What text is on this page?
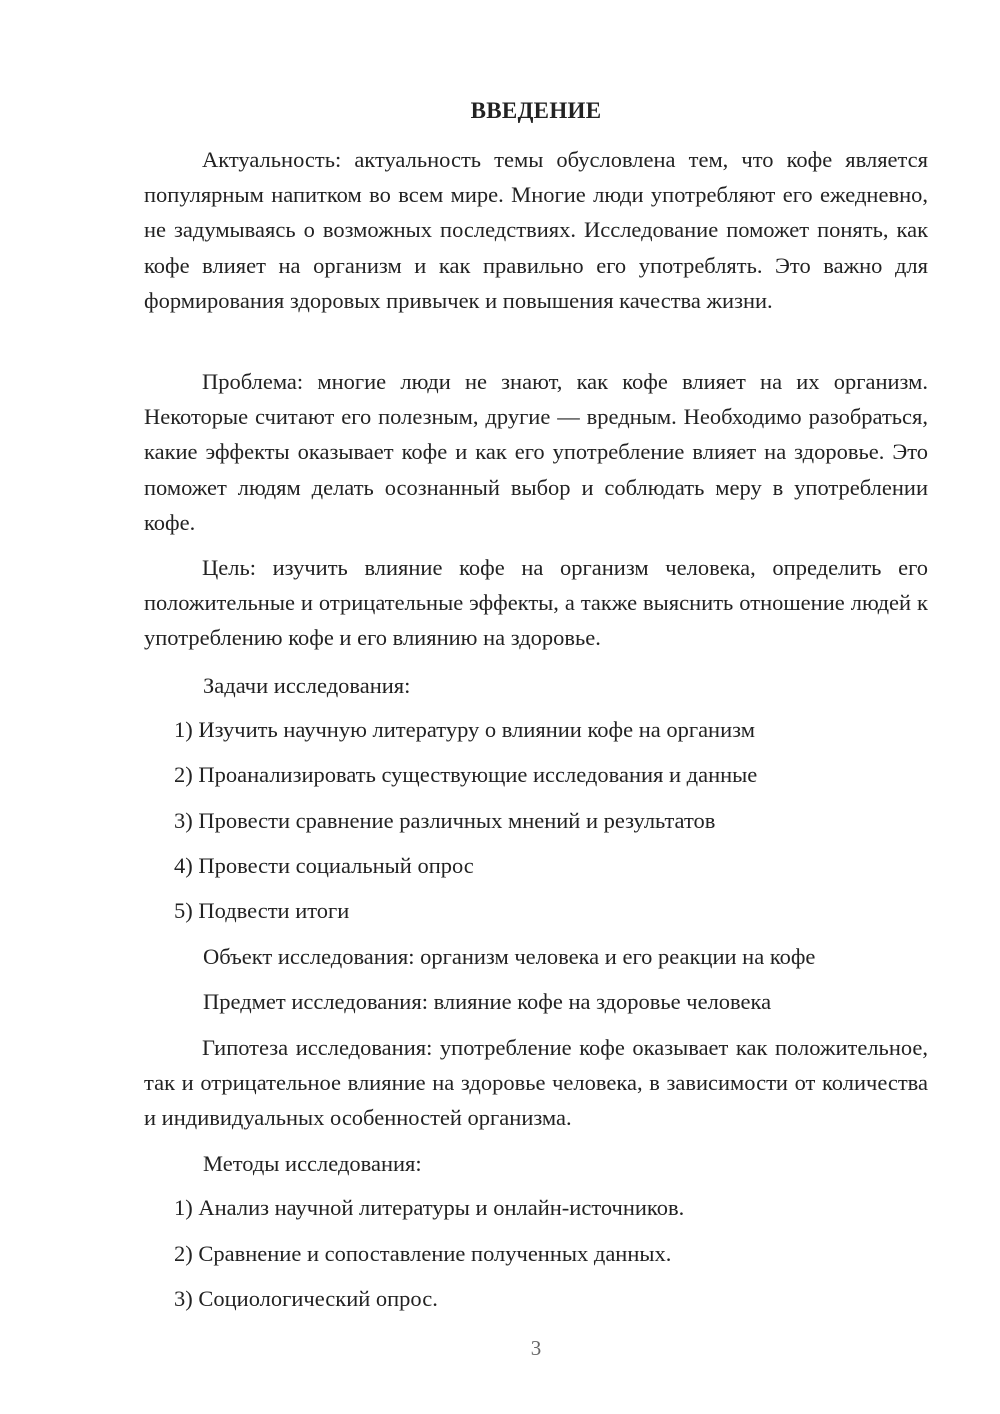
ВВЕДЕНИЕ

Актуальность: актуальность темы обусловлена тем, что кофе является популярным напитком во всем мире. Многие люди употребляют его ежедневно, не задумываясь о возможных последствиях. Исследование поможет понять, как кофе влияет на организм и как правильно его употреблять. Это важно для формирования здоровых привычек и повышения качества жизни.

Проблема: многие люди не знают, как кофе влияет на их организм. Некоторые считают его полезным, другие — вредным. Необходимо разобраться, какие эффекты оказывает кофе и как его употребление влияет на здоровье. Это поможет людям делать осознанный выбор и соблюдать меру в употреблении кофе.

Цель: изучить влияние кофе на организм человека, определить его положительные и отрицательные эффекты, а также выяснить отношение людей к употреблению кофе и его влиянию на здоровье.

Задачи исследования:
1) Изучить научную литературу о влиянии кофе на организм
2) Проанализировать существующие исследования и данные
3) Провести сравнение различных мнений и результатов
4) Провести социальный опрос
5) Подвести итоги
Объект исследования: организм человека и его реакции на кофе
Предмет исследования: влияние кофе на здоровье человека

Гипотеза исследования: употребление кофе оказывает как положительное, так и отрицательное влияние на здоровье человека, в зависимости от количества и индивидуальных особенностей организма.

Методы исследования:
1) Анализ научной литературы и онлайн-источников.
2) Сравнение и сопоставление полученных данных.
3) Социологический опрос.
3
